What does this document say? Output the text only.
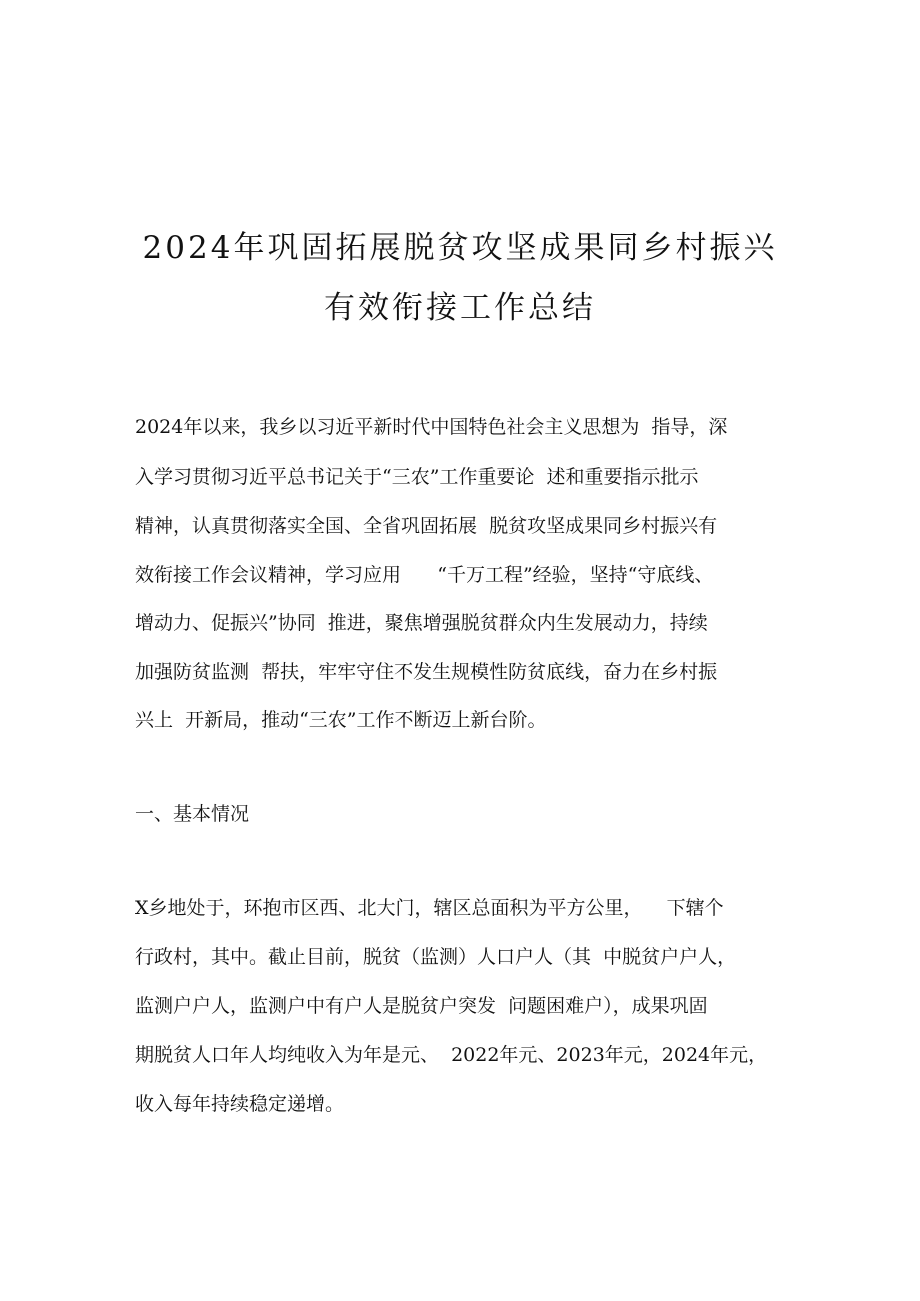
2024年巩固拓展脱贫攻坚成果同乡村振兴
有效衔接工作总结
2024年以来，我乡以习近平新时代中国特色社会主义思想为  指导，深
入学习贯彻习近平总书记关于“三农”工作重要论  述和重要指示批示
精神，认真贯彻落实全国、全省巩固拓展  脱贫攻坚成果同乡村振兴有
效衔接工作会议精神，学习应用      “千万工程”经验，坚持“守底线、
增动力、促振兴”协同  推进，聚焦增强脱贫群众内生发展动力，持续
加强防贫监测  帮扶，牢牢守住不发生规模性防贫底线，奋力在乡村振
兴上  开新局，推动“三农”工作不断迈上新台阶。
一、基本情况
X乡地处于，环抱市区西、北大门，辖区总面积为平方公里，    下辖个
行政村，其中。截止目前，脱贫（监测）人口户人（其  中脱贫户户人，
监测户户人，监测户中有户人是脱贫户突发  问题困难户），成果巩固
期脱贫人口年人均纯收入为年是元、  2022年元、2023年元，2024年元，
收入每年持续稳定递增。
